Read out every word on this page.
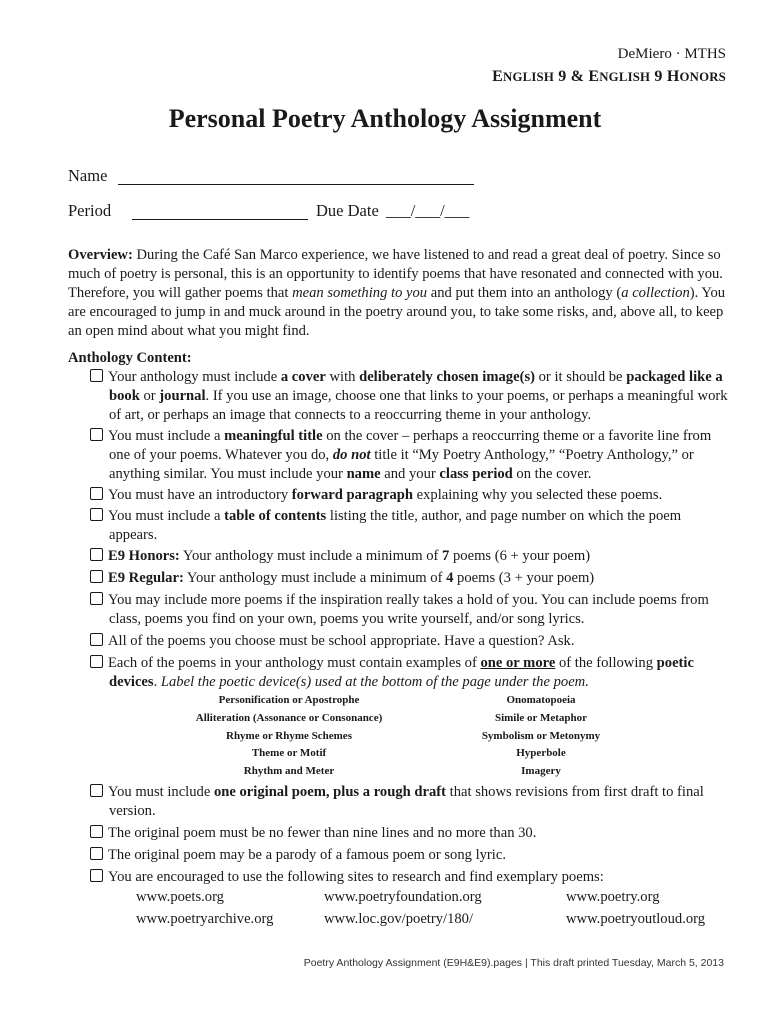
DeMiero · MTHS
ENGLISH 9 & ENGLISH 9 HONORS
Personal Poetry Anthology Assignment
Name
Period	Due Date ___/___/___

Overview: During the Café San Marco experience, we have listened to and read a great deal of poetry. Since so much of poetry is personal, this is an opportunity to identify poems that have resonated and connected with you. Therefore, you will gather poems that mean something to you and put them into an anthology (a collection). You are encouraged to jump in and muck around in the poetry around you, to take some risks, and, above all, to keep an open mind about what you might find.

Anthology Content:
Your anthology must include a cover with deliberately chosen image(s) or it should be packaged like a book or journal. If you use an image, choose one that links to your poems, or perhaps a meaningful work of art, or perhaps an image that connects to a reoccurring theme in your anthology.
You must include a meaningful title on the cover – perhaps a reoccurring theme or a favorite line from one of your poems. Whatever you do, do not title it “My Poetry Anthology,” “Poetry Anthology,” or anything similar. You must include your name and your class period on the cover.
You must have an introductory forward paragraph explaining why you selected these poems.
You must include a table of contents listing the title, author, and page number on which the poem appears.
E9 Honors: Your anthology must include a minimum of 7 poems (6 + your poem)
E9 Regular: Your anthology must include a minimum of 4 poems (3 + your poem)
You may include more poems if the inspiration really takes a hold of you. You can include poems from class, poems you find on your own, poems you write yourself, and/or song lyrics.
All of the poems you choose must be school appropriate. Have a question? Ask.
Each of the poems in your anthology must contain examples of one or more of the following poetic devices. Label the poetic device(s) used at the bottom of the page under the poem.
Personification or Apostrophe
Alliteration (Assonance or Consonance)
Rhyme or Rhyme Schemes
Theme or Motif
Rhythm and Meter
Onomatopoeia
Simile or Metaphor
Symbolism or Metonymy
Hyperbole
Imagery
You must include one original poem, plus a rough draft that shows revisions from first draft to final version.
The original poem must be no fewer than nine lines and no more than 30.
The original poem may be a parody of a famous poem or song lyric.
You are encouraged to use the following sites to research and find exemplary poems:
www.poets.org	www.poetryfoundation.org	www.poetry.org
www.poetryarchive.org	www.loc.gov/poetry/180/	www.poetryoutloud.org
Poetry Anthology Assignment (E9H&E9).pages | This draft printed Tuesday, March 5, 2013
